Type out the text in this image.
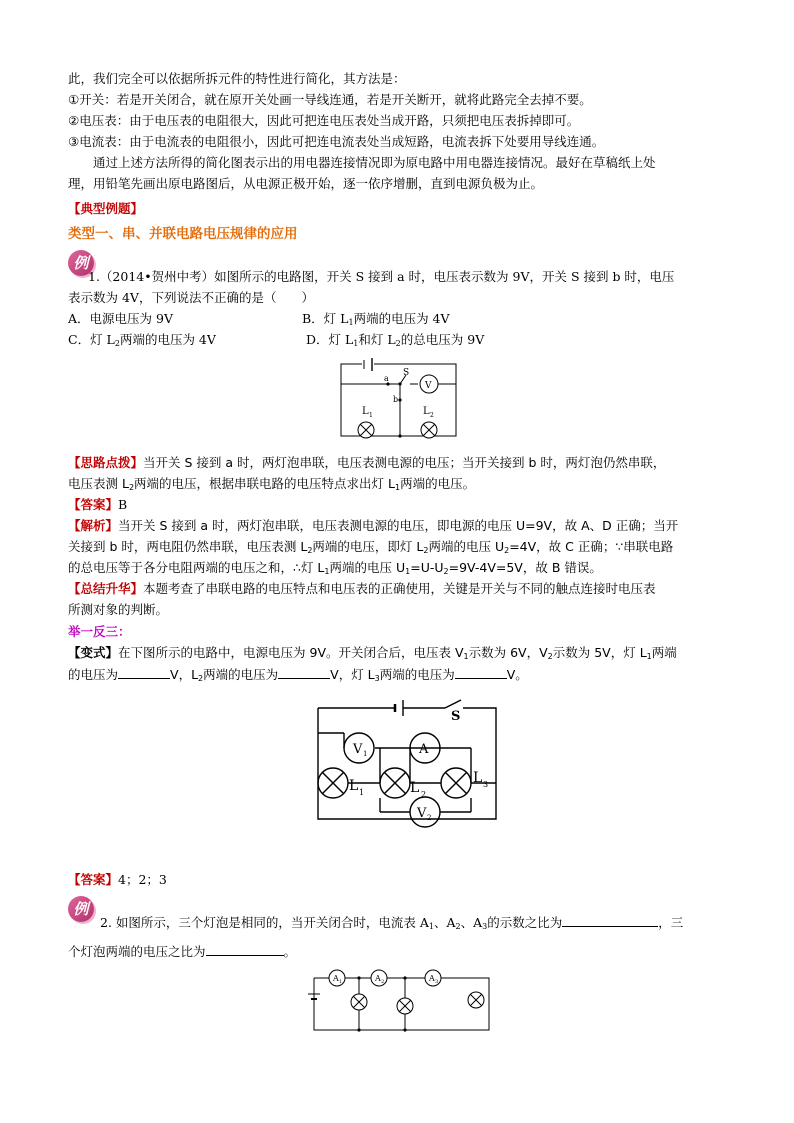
此，我们完全可以依据所拆元件的特性进行简化，其方法是：
①开关：若是开关闭合，就在原开关处画一导线连通，若是开关断开，就将此路完全去掉不要。
②电压表：由于电压表的电阻很大，因此可把连电压表处当成开路，只须把电压表拆掉即可。
③电流表：由于电流表的电阻很小，因此可把连电流表处当成短路，电流表拆下处要用导线连通。
　　通过上述方法所得的简化图表示出的用电器连接情况即为原电路中用电器连接情况。最好在草稿纸上处
理，用铅笔先画出原电路图后，从电源正极开始，逐一依序增删，直到电源负极为止。
【典型例题】
类型一、串、并联电路电压规律的应用
例
1.（2014•贺州中考）如图所示的电路图，开关 S 接到 a 时，电压表示数为 9V，开关 S 接到 b 时，电压
表示数为 4V，下列说法不正确的是（　　）
A．电源电压为 9V	B．灯 $L_1$两端的电压为 4V
C．灯 $L_2$两端的电压为 4V	D．灯 $L_1$和灯 $L_2$的总电压为 9V
a
S
b
V
L 1	L 2
【思路点拨】当开关 S 接到 a 时，两灯泡串联，电压表测电源的电压；当开关接到 b 时，两灯泡仍然串联，
电压表测 $L_2$两端的电压，根据串联电路的电压特点求出灯 $L_1$两端的电压。
【答案】B
【解析】当开关 S 接到 a 时，两灯泡串联，电压表测电源的电压，即电源的电压 U=9V，故 A、D 正确；当开
关接到 b 时，两电阻仍然串联，电压表测 $L_2$两端的电压，即灯 $L_2$两端的电压 $U_2=4V$，故 C 正确；∵串联电路
的总电压等于各分电阻两端的电压之和，∴灯 $L_1$两端的电压 $U_1=U-U_2=9V-4V=5V$，故 B 错误。
【总结升华】本题考查了串联电路的电压特点和电压表的正确使用，关键是开关与不同的触点连接时电压表
所测对象的判断。
举一反三：
【变式】在下图所示的电路中，电源电压为 9V。开关闭合后，电压表 $V_1$示数为 6V，$V_2$示数为 5V，灯 $L_1$两端
的电压为	V，$L_2$两端的电压为	V，灯 $L_3$两端的电压为	V。
V 1	A
V 2
L 1	L 2
L 3
S
【答案】4；2；3
例
2. 如图所示，三个灯泡是相同的，当开关闭合时，电流表 $A_1$、$A_2$、$A_3$的示数之比为	，三
个灯泡两端的电压之比为	。
A 1	A 2	A 3
